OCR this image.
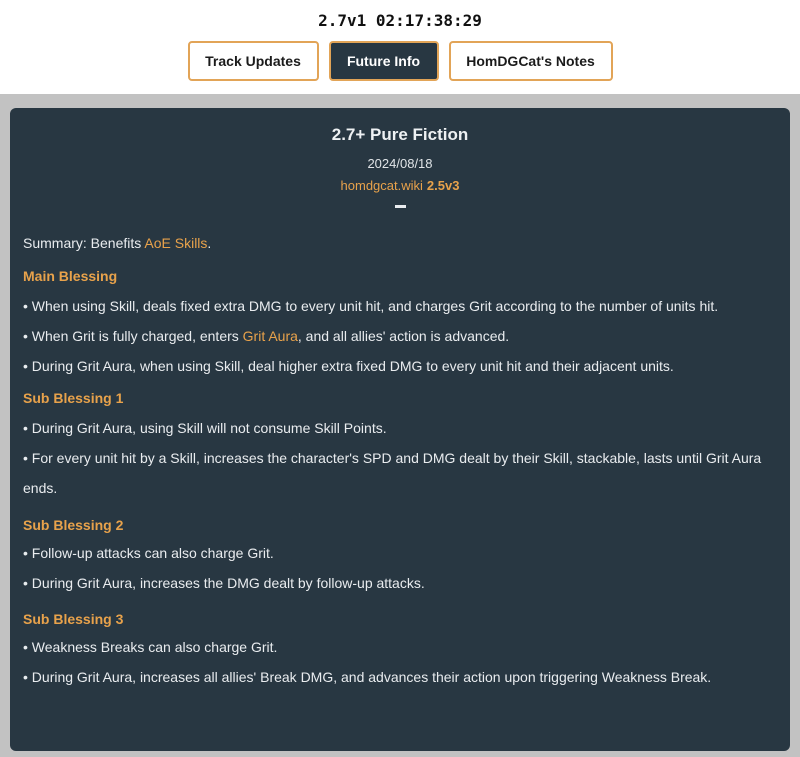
2.7v1 02:17:38:29
Track Updates	Future Info	HomDGCat's Notes
2.7+ Pure Fiction
2024/08/18
homdgcat.wiki 2.5v3
Summary: Benefits AoE Skills.
Main Blessing
• When using Skill, deals fixed extra DMG to every unit hit, and charges Grit according to the number of units hit.
• When Grit is fully charged, enters Grit Aura, and all allies' action is advanced.
• During Grit Aura, when using Skill, deal higher extra fixed DMG to every unit hit and their adjacent units.
Sub Blessing 1
• During Grit Aura, using Skill will not consume Skill Points.
• For every unit hit by a Skill, increases the character's SPD and DMG dealt by their Skill, stackable, lasts until Grit Aura ends.
Sub Blessing 2
• Follow-up attacks can also charge Grit.
• During Grit Aura, increases the DMG dealt by follow-up attacks.
Sub Blessing 3
• Weakness Breaks can also charge Grit.
• During Grit Aura, increases all allies' Break DMG, and advances their action upon triggering Weakness Break.
